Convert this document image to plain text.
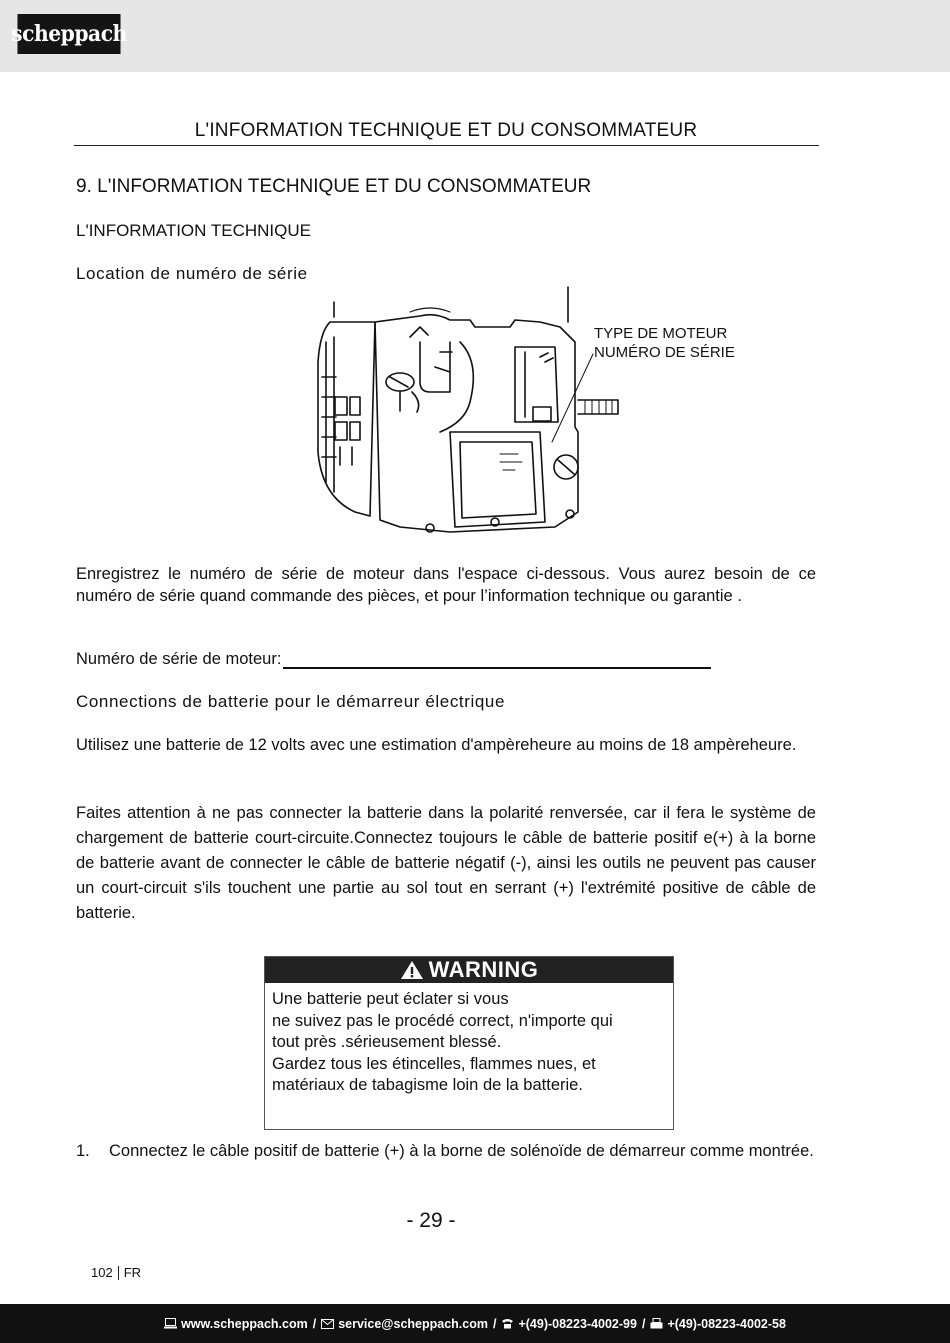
scheppach
L'INFORMATION TECHNIQUE ET DU CONSOMMATEUR
9. L'INFORMATION TECHNIQUE ET DU CONSOMMATEUR
L'INFORMATION TECHNIQUE
Location de numéro de série
TYPE DE MOTEUR
NUMÉRO DE SÉRIE

Enregistrez le numéro de série de moteur dans l'espace ci-dessous. Vous aurez besoin de ce numéro de série quand commande des pièces, et pour l’information technique ou garantie .

Numéro de série de moteur:
Connections de batterie pour le démarreur électrique

Utilisez une batterie de 12 volts avec une estimation d'ampèreheure au moins de 18 ampèreheure.

Faites attention à ne pas connecter la batterie dans la polarité renversée, car il fera le système de chargement de batterie court-circuite.Connectez toujours le câble de batterie positif e(+) à la borne de batterie avant de connecter le câble de batterie négatif (-), ainsi les outils ne peuvent pas causer un court-circuit s'ils touchent une partie au sol tout en serrant (+) l'extrémité positive de câble de batterie.

WARNING
Une batterie peut éclater si vous
ne suivez pas le procédé correct, n'importe qui
tout près .sérieusement blessé.
Gardez tous les étincelles, flammes nues, et
matériaux de tabagisme loin de la batterie.
1.	Connectez le câble positif de batterie (+) à la borne de solénoïde de démarreur comme montrée.
- 29 -
102 FR
www.scheppach.com / service@scheppach.com / +(49)-08223-4002-99 / +(49)-08223-4002-58
